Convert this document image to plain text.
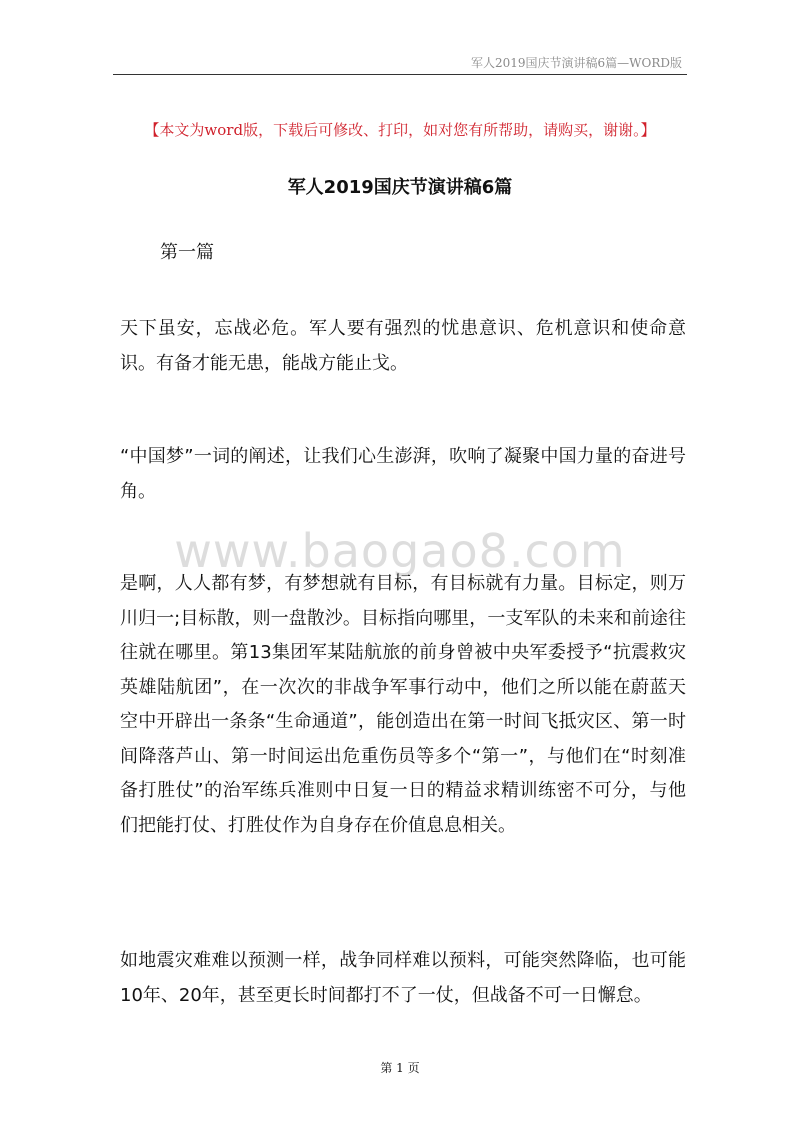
军人2019国庆节演讲稿6篇—WORD版
【本文为word版，下载后可修改、打印，如对您有所帮助，请购买，谢谢。】
军人2019国庆节演讲稿6篇
第一篇
天下虽安，忘战必危。军人要有强烈的忧患意识、危机意识和使命意识。有备才能无患，能战方能止戈。
“中国梦”一词的阐述，让我们心生澎湃，吹响了凝聚中国力量的奋进号角。
www.baogao8.com
是啊，人人都有梦，有梦想就有目标，有目标就有力量。目标定，则万川归一;目标散，则一盘散沙。目标指向哪里，一支军队的未来和前途往往就在哪里。第13集团军某陆航旅的前身曾被中央军委授予“抗震救灾英雄陆航团”，在一次次的非战争军事行动中，他们之所以能在蔚蓝天空中开辟出一条条“生命通道”，能创造出在第一时间飞抵灾区、第一时间降落芦山、第一时间运出危重伤员等多个“第一”，与他们在“时刻准备打胜仗”的治军练兵准则中日复一日的精益求精训练密不可分，与他们把能打仗、打胜仗作为自身存在价值息息相关。
如地震灾难难以预测一样，战争同样难以预料，可能突然降临，也可能10年、20年，甚至更长时间都打不了一仗，但战备不可一日懈怠。
第 1 页
